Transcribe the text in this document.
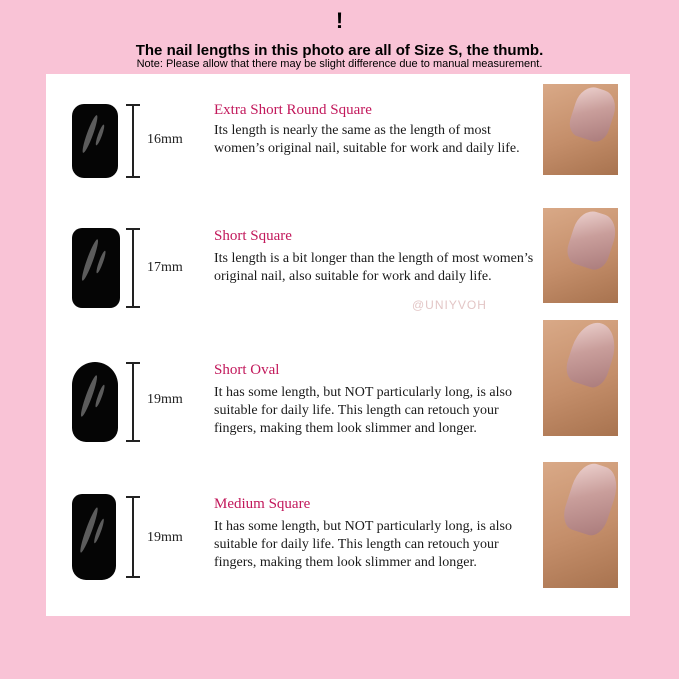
!
The nail lengths in this photo are all of Size S, the thumb.
Note: Please allow that there may be slight difference due to manual measurement.
16mm
Extra Short Round Square
Its length is nearly the same as the length of most women’s original nail, suitable for work and daily life.
17mm
Short Square
Its length is a bit longer than the length of most women’s original nail, also suitable for work and daily life.
19mm
Short Oval
It has some length, but NOT particularly long, is also suitable for daily life. This length can retouch your fingers, making them look slimmer and longer.
19mm
Medium Square
It has some length, but NOT particularly long, is also suitable for daily life. This length can retouch your fingers, making them look slimmer and longer.
@UNIYVOH
